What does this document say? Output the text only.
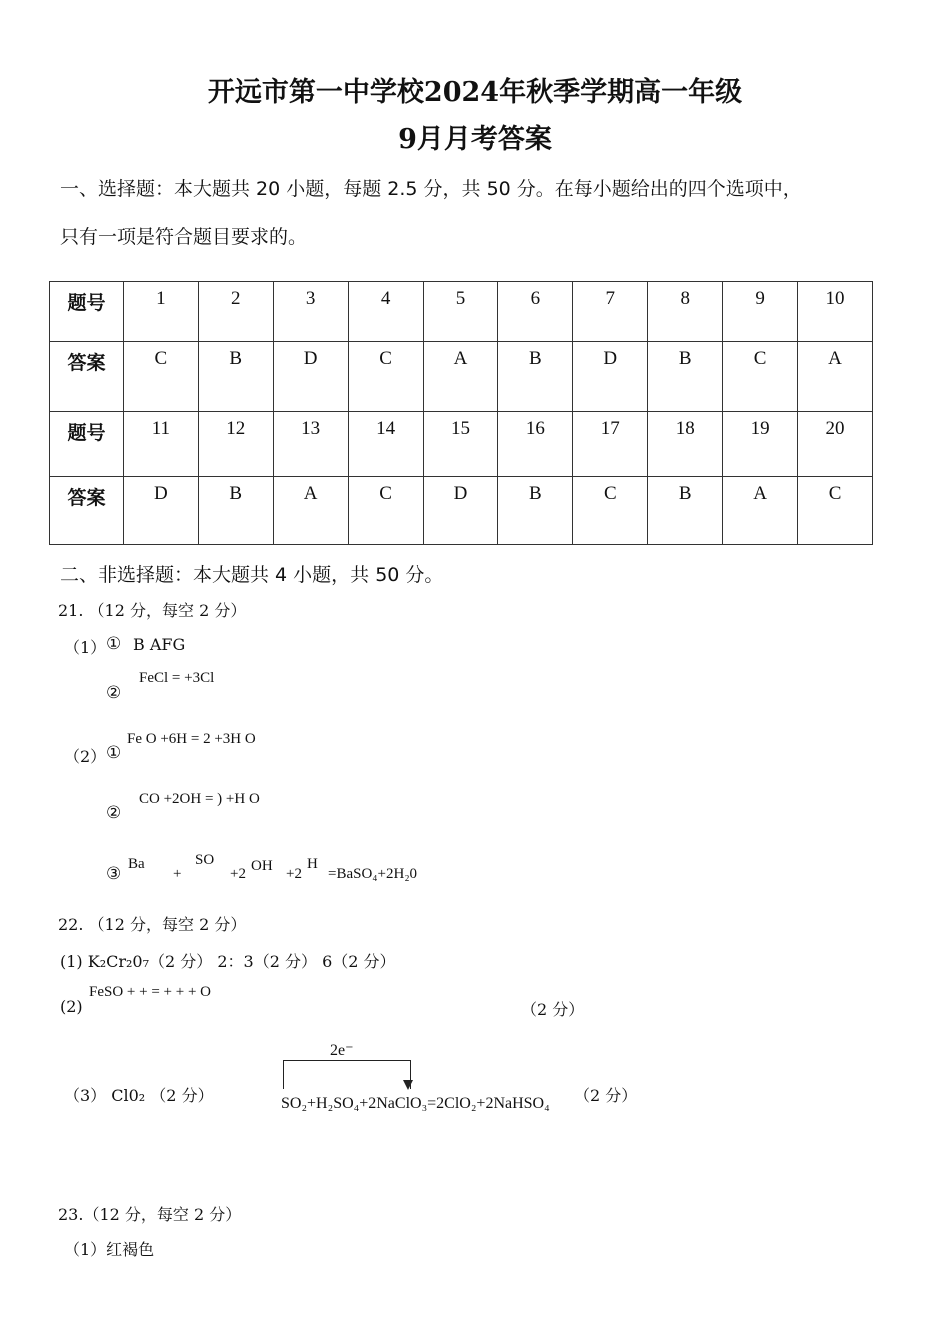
开远市第一中学校2024年秋季学期高一年级
9月月考答案
一、选择题：本大题共 20 小题，每题 2.5 分，共 50 分。在每小题给出的四个选项中，
只有一项是符合题目要求的。
题号	1	2	3	4	5	6	7	8	9	10
答案	C	B	D	C	A	B	D	B	C	A
题号	11	12	13	14	15	16	17	18	19	20
答案	D	B	A	C	D	B	C	B	A	C
二、非选择题：本大题共 4 小题，共 50 分。
21. （12 分，每空 2 分）
（1） ① B AFG
②
FeCl = +3Cl
（2） ①
Fe O +6H = 2 +3H O
②
CO +2OH = ) +H O
③ Ba
+
SO
+2 OH +2
H
=BaSO₄+2H₂0
22. （12 分，每空 2 分）
(1) K₂Cr₂0₇（2 分） 2：3（2 分） 6（2 分）
(2)
FeSO + + = + + + O
（2 分）
（3） Cl0₂ （2 分）
2e⁻
SO₂+H₂SO₄+2NaClO₃=2ClO₂+2NaHSO₄ （2 分）
23.（12 分，每空 2 分）
（1）红褐色
